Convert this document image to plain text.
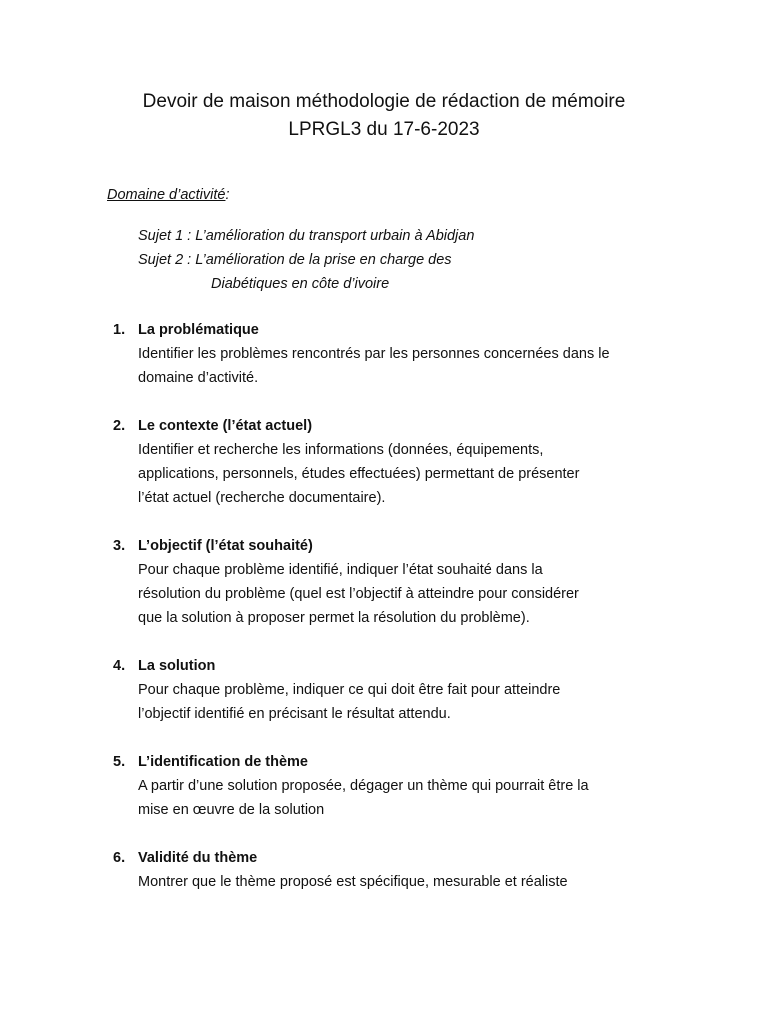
Devoir de maison méthodologie de rédaction de mémoire
LPRGL3 du 17-6-2023
Domaine d’activité:
Sujet 1 : L’amélioration du transport urbain à Abidjan
Sujet 2 : L’amélioration de la prise en charge des
Diabétiques en côte d’ivoire
1. La problématique
Identifier les problèmes rencontrés par les personnes concernées dans le
domaine d’activité.
2. Le contexte (l’état actuel)
Identifier et recherche les informations (données, équipements,
applications, personnels, études effectuées) permettant de présenter
l’état actuel (recherche documentaire).
3. L’objectif (l’état souhaité)
Pour chaque problème identifié, indiquer l’état souhaité dans la
résolution du problème (quel est l’objectif à atteindre pour considérer
que la solution à proposer permet la résolution du problème).
4. La solution
Pour chaque problème, indiquer ce qui doit être fait pour atteindre
l’objectif identifié en précisant le résultat attendu.
5. L’identification de thème
A partir d’une solution proposée, dégager un thème qui pourrait être la
mise en œuvre de la solution
6. Validité du thème
Montrer que le thème proposé est spécifique, mesurable et réaliste
